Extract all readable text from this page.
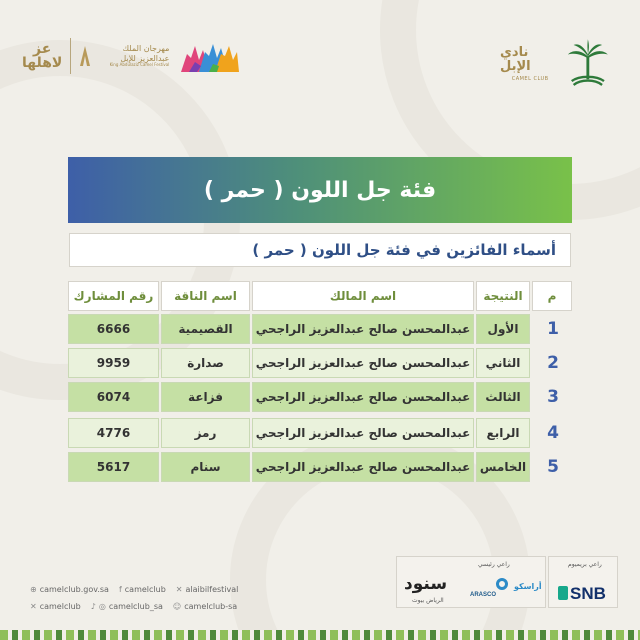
نادي الإبل
CAMEL CLUB
عز
لاهلها
مهرجان الملك عبدالعزيز للإبل
King Abdulaziz Camel Festival
فئة جل اللون ( حمر )
أسماء الفائزين في فئة جل اللون ( حمر )
م
النتيجة
اسم المالك
اسم الناقة
رقم المشارك
1
الأول
عبدالمحسن صالح عبدالعزيز الراجحي
القصيمية
6666
2
الثاني
عبدالمحسن صالح عبدالعزيز الراجحي
صدارة
9959
3
الثالث
عبدالمحسن صالح عبدالعزيز الراجحي
فزاعة
6074
4
الرابع
عبدالمحسن صالح عبدالعزيز الراجحي
رمز
4776
5
الخامس
عبدالمحسن صالح عبدالعزيز الراجحي
سنام
5617
راعي بريميوم
راعي رئيسي
SNB
أراسكو
ARASCO
سنود
الرياض بيوت
⊕ camelclub.gov.sa f camelclub ✕ alaibilfestival
✕ camelclub ♪ ◎ camelclub_sa ☺ camelclub-sa
